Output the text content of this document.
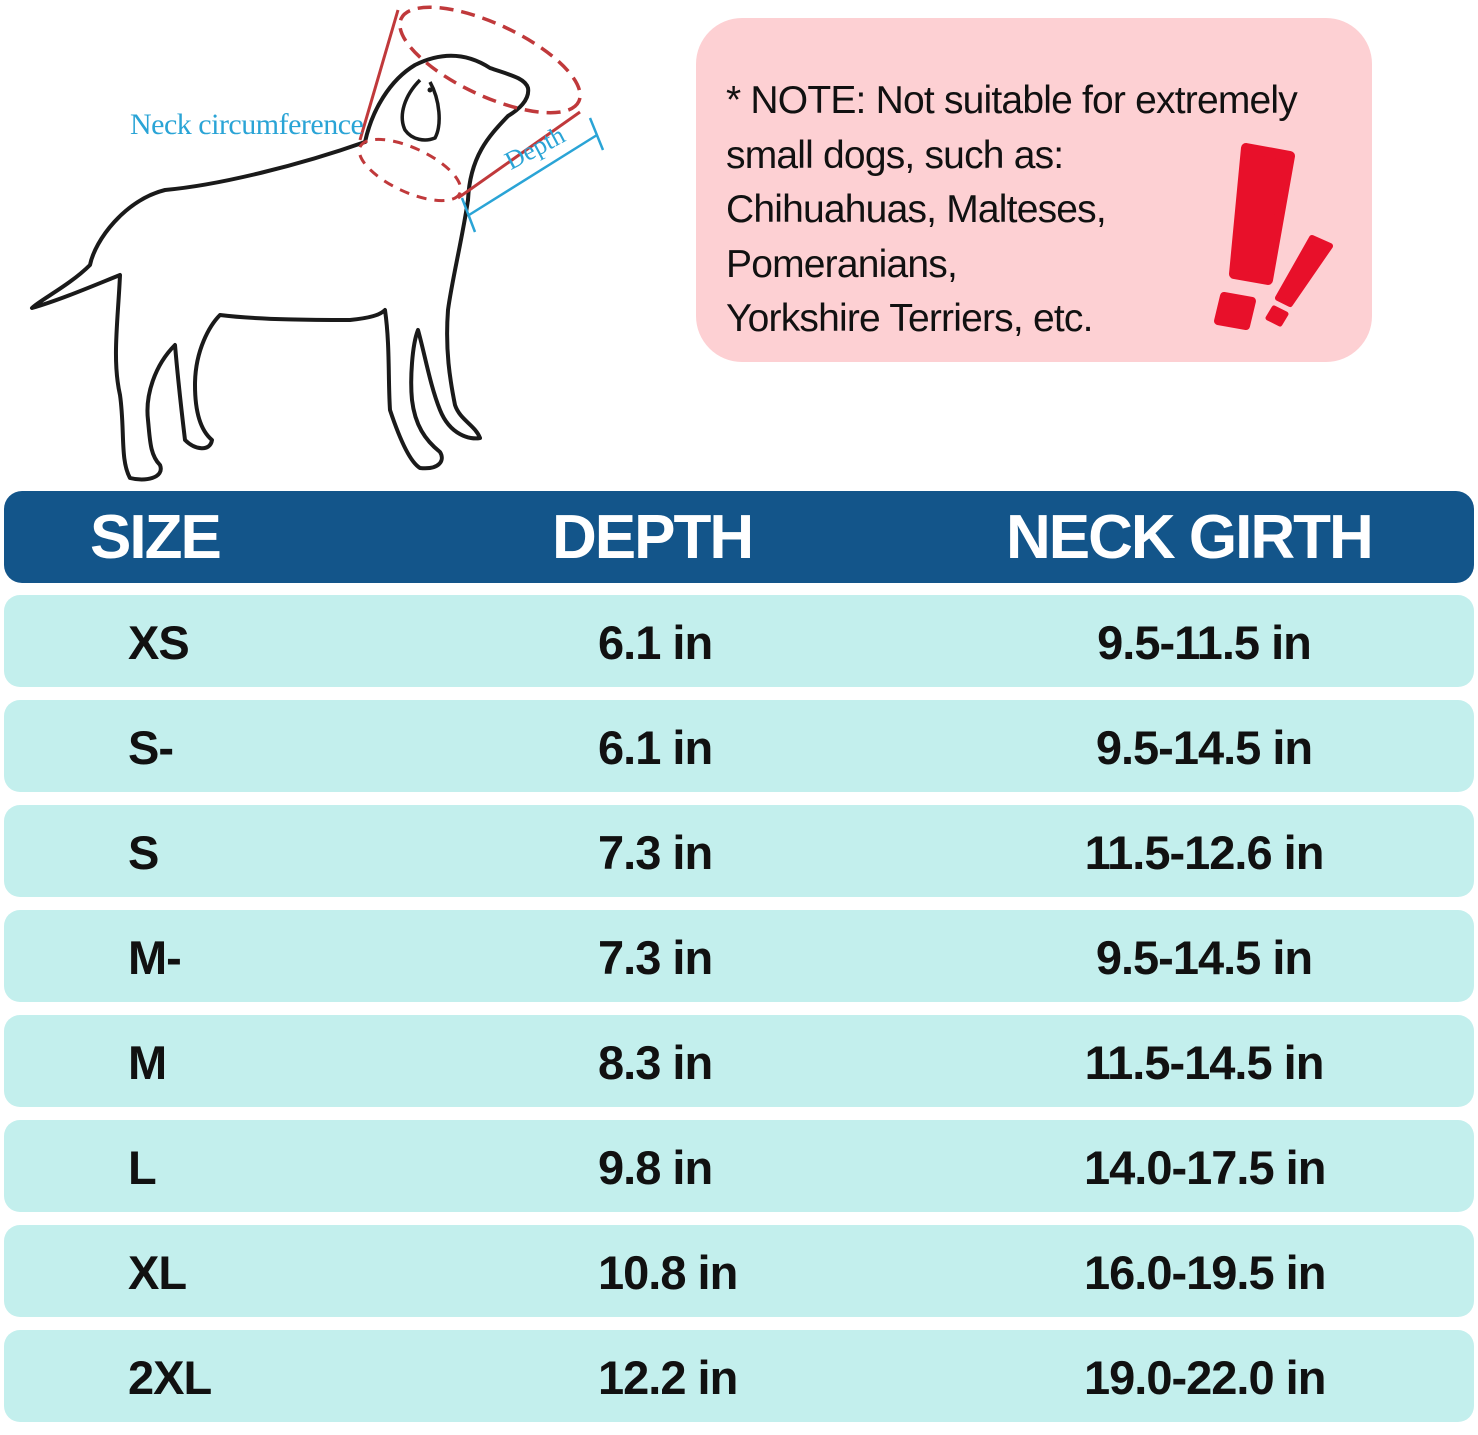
Neck circumference	Depth
* NOTE: Not suitable for extremely
small dogs, such as:
Chihuahuas, Malteses,
Pomeranians,
Yorkshire Terriers, etc.
SIZE	DEPTH	NECK GIRTH
XS	6.1 in	9.5-11.5 in
S-	6.1 in	9.5-14.5 in
S	7.3 in	11.5-12.6 in
M-	7.3 in	9.5-14.5 in
M	8.3 in	11.5-14.5 in
L	9.8 in	14.0-17.5 in
XL	10.8 in	16.0-19.5 in
2XL	12.2 in	19.0-22.0 in
